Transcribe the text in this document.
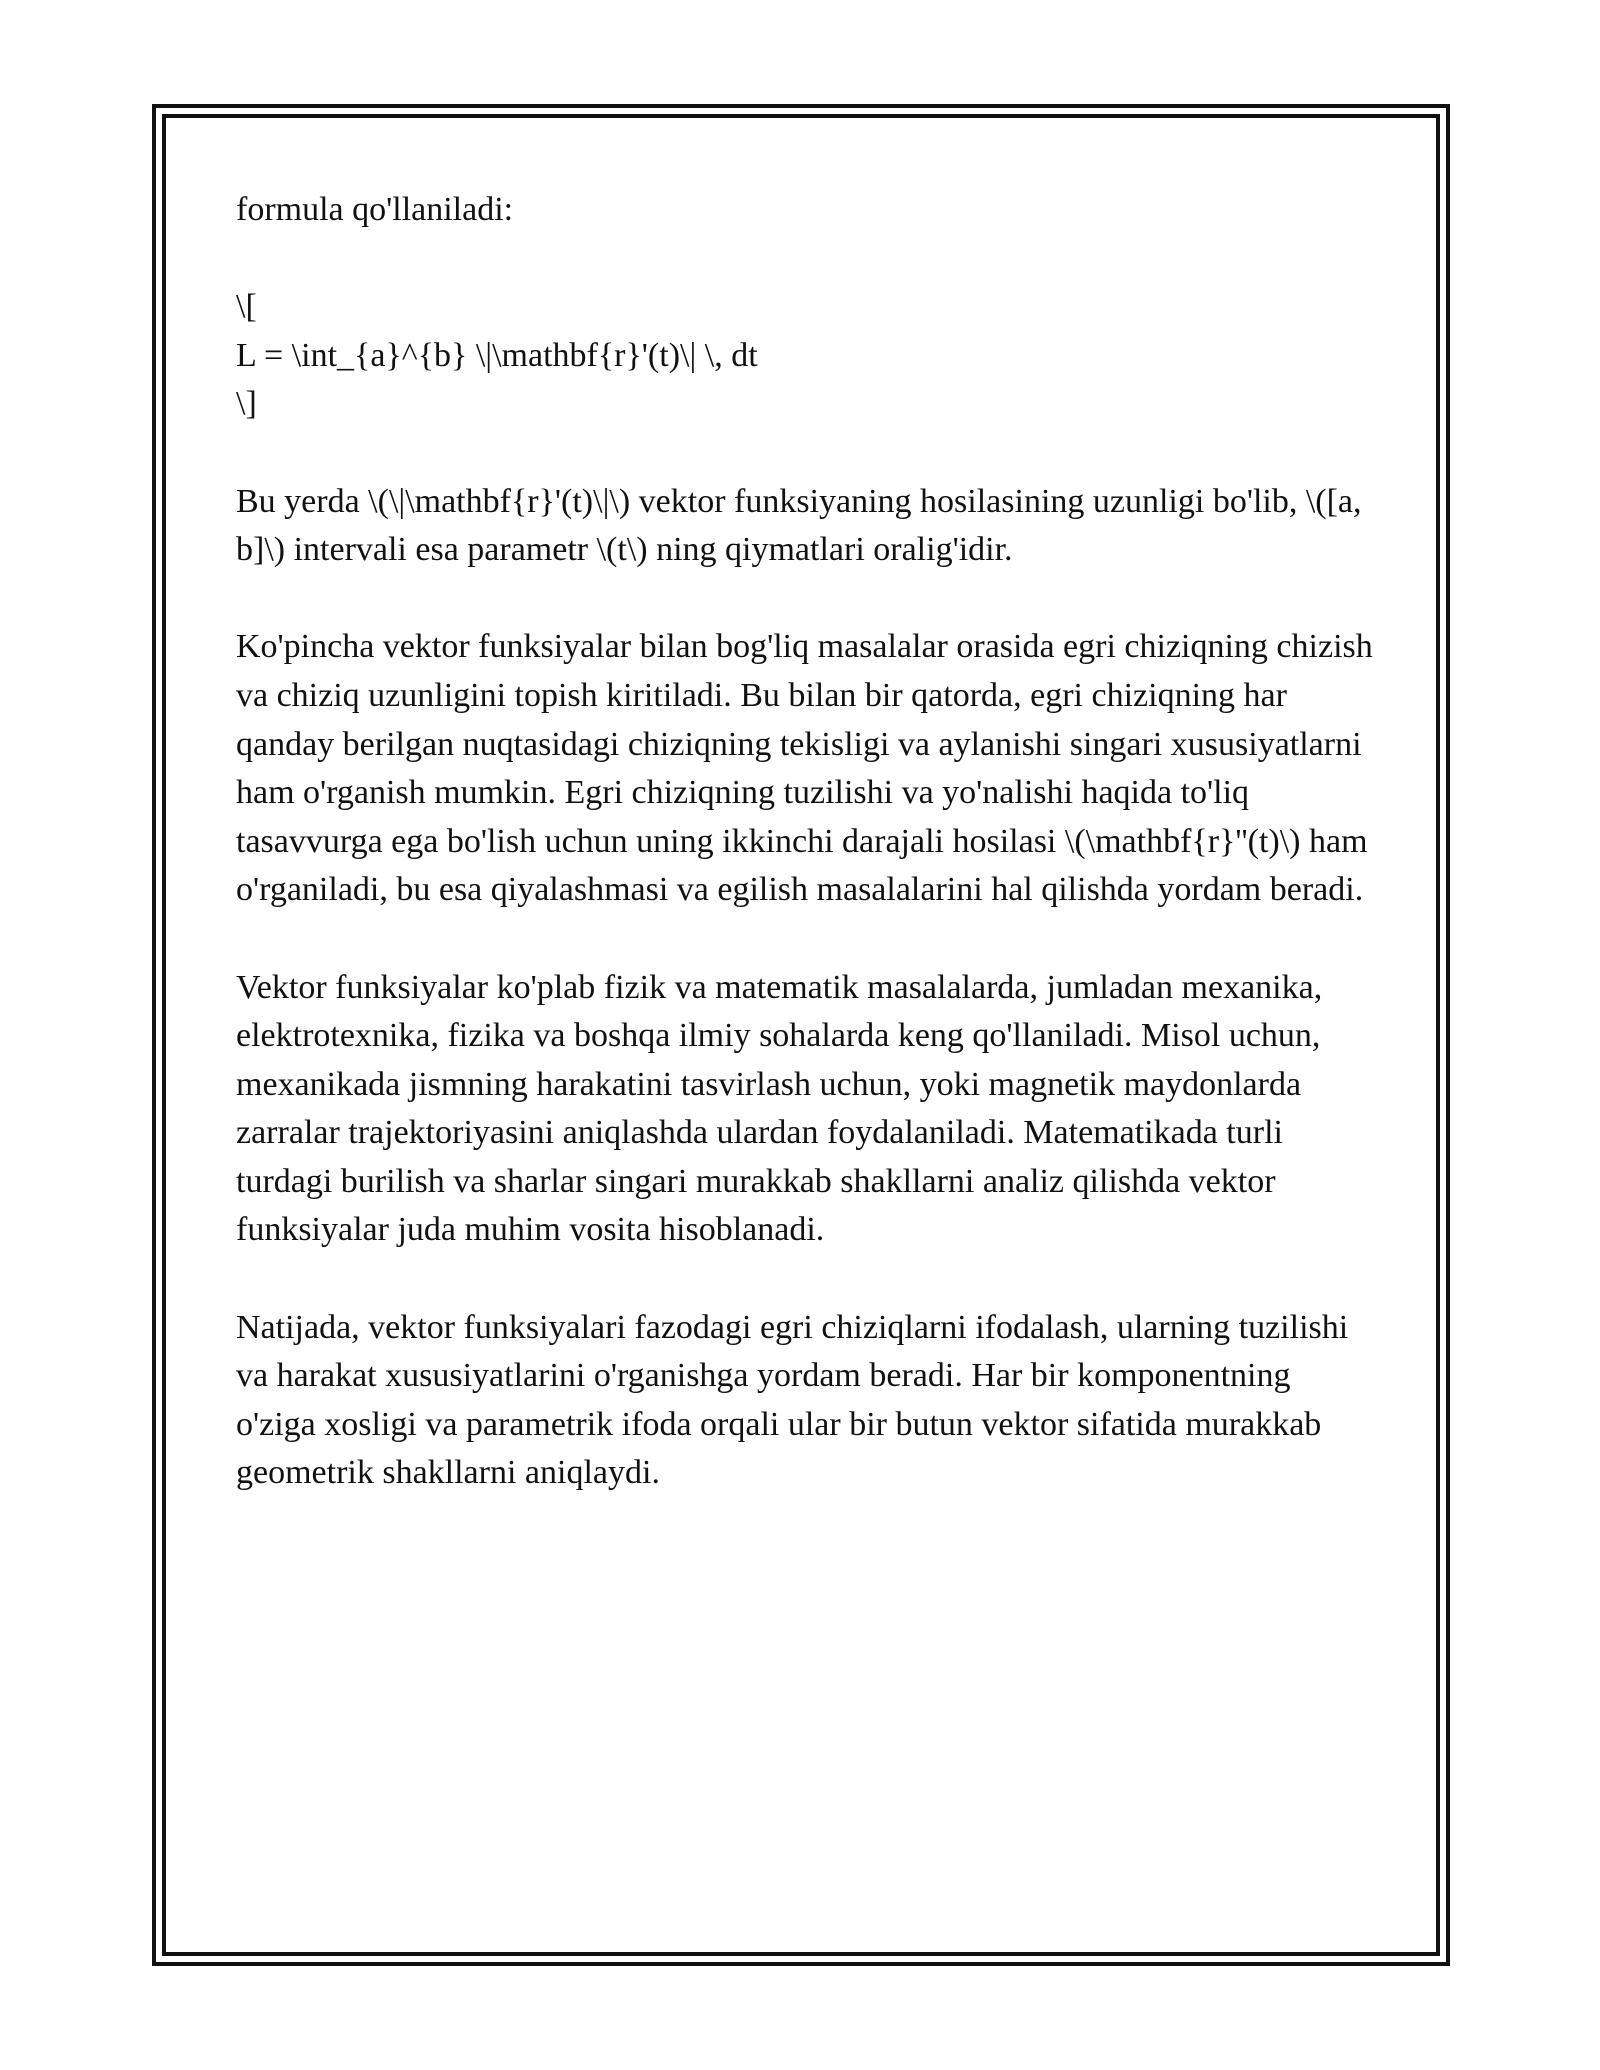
formula qo'llaniladi:

\[
L = \int_{a}^{b} \|\mathbf{r}'(t)\| \, dt
\]

Bu yerda \(\|\mathbf{r}'(t)\|\) vektor funksiyaning hosilasining uzunligi bo'lib, \([a, b]\) intervali esa parametr \(t\) ning qiymatlari oralig'idir.

Ko'pincha vektor funksiyalar bilan bog'liq masalalar orasida egri chiziqning chizish va chiziq uzunligini topish kiritiladi. Bu bilan bir qatorda, egri chiziqning har qanday berilgan nuqtasidagi chiziqning tekisligi va aylanishi singari xususiyatlarni ham o'rganish mumkin. Egri chiziqning tuzilishi va yo'nalishi haqida to'liq tasavvurga ega bo'lish uchun uning ikkinchi darajali hosilasi \(\mathbf{r}''(t)\) ham o'rganiladi, bu esa qiyalashmasi va egilish masalalarini hal qilishda yordam beradi.

Vektor funksiyalar ko'plab fizik va matematik masalalarda, jumladan mexanika, elektrotexnika, fizika va boshqa ilmiy sohalarda keng qo'llaniladi. Misol uchun, mexanikada jismning harakatini tasvirlash uchun, yoki magnetik maydonlarda zarralar trajektoriyasini aniqlashda ulardan foydalaniladi. Matematikada turli turdagi burilish va sharlar singari murakkab shakllarni analiz qilishda vektor funksiyalar juda muhim vosita hisoblanadi.

Natijada, vektor funksiyalari fazodagi egri chiziqlarni ifodalash, ularning tuzilishi va harakat xususiyatlarini o'rganishga yordam beradi. Har bir komponentning o'ziga xosligi va parametrik ifoda orqali ular bir butun vektor sifatida murakkab geometrik shakllarni aniqlaydi.
